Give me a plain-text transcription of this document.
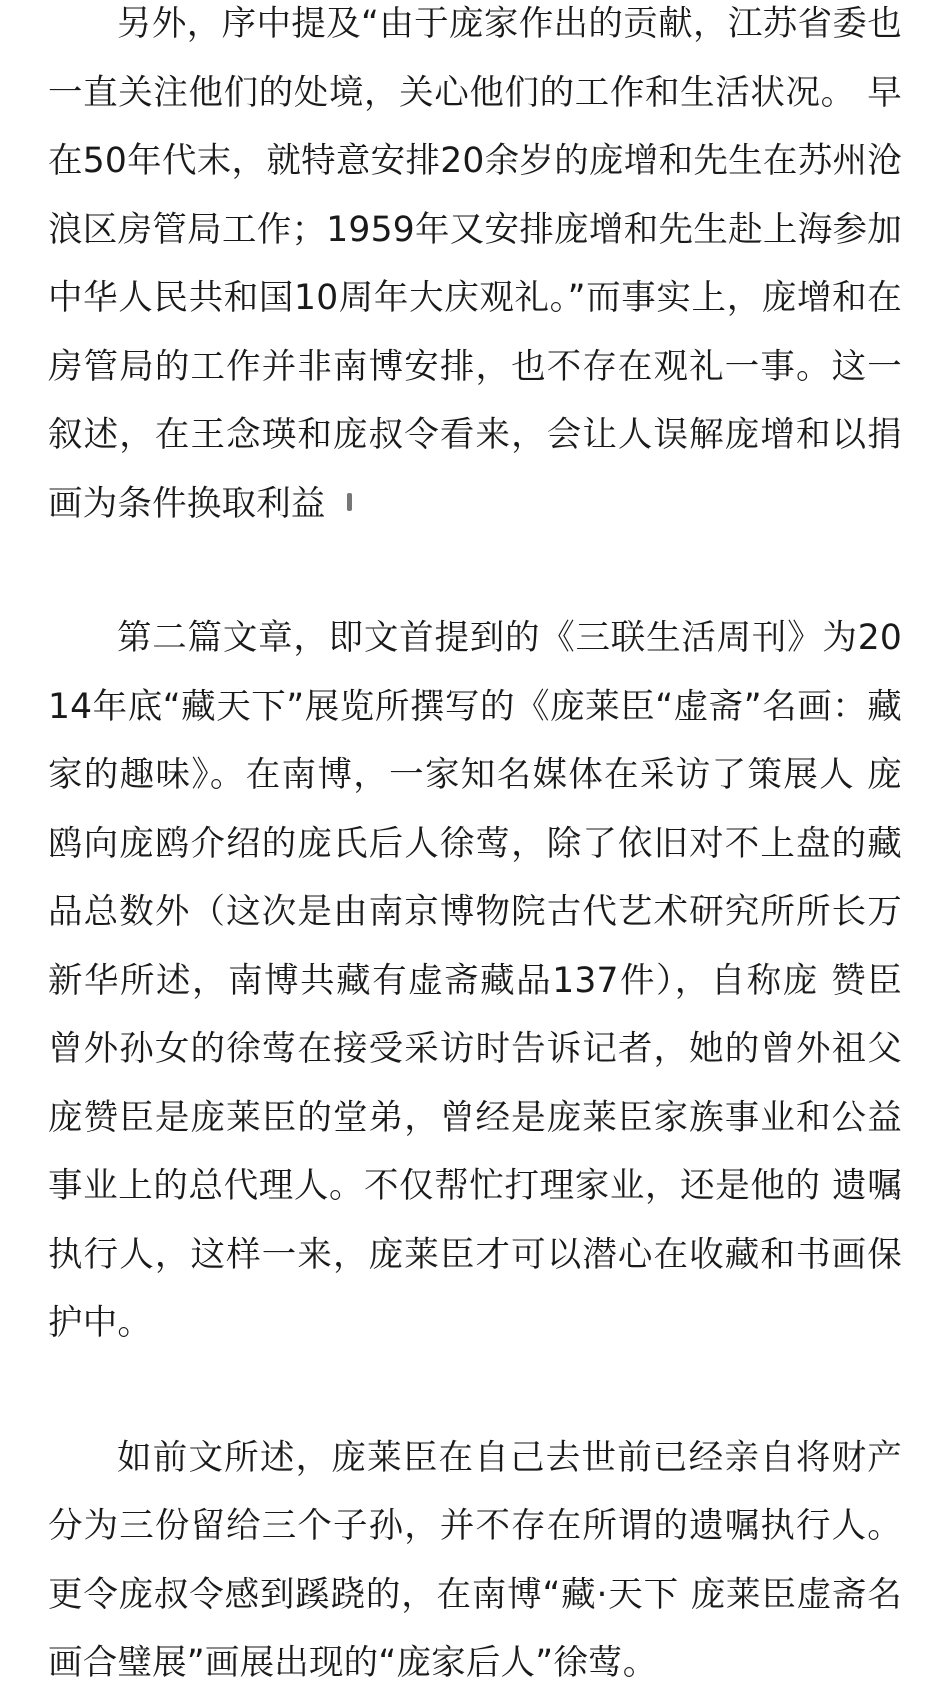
另外，序中提及“由于庞家作出的贡献，江苏省委也一直关注他们的处境，关心他们的工作和生活状况。 早在50年代末，就特意安排20余岁的庞增和先生在苏州沧浪区房管局工作；1959年又安排庞增和先生赴上海参加中华人民共和国10周年大庆观礼。”而事实上，庞增和在房管局的工作并非南博安排，也不存在观礼一事。这一叙述，在王念瑛和庞叔令看来，会让人误解庞增和以捐画为条件换取利益

第二篇文章，即文首提到的《三联生活周刊》为2014年底“藏天下”展览所撰写的《庞莱臣“虚斋”名画：藏家的趣味》。在南博，一家知名媒体在采访了策展人 庞鸥向庞鸥介绍的庞氏后人徐莺，除了依旧对不上盘的藏品总数外（这次是由南京博物院古代艺术研究所所长万新华所述，南博共藏有虚斋藏品137件），自称庞 赞臣曾外孙女的徐莺在接受采访时告诉记者，她的曾外祖父庞赞臣是庞莱臣的堂弟，曾经是庞莱臣家族事业和公益事业上的总代理人。不仅帮忙打理家业，还是他的 遗嘱执行人，这样一来，庞莱臣才可以潜心在收藏和书画保护中。

如前文所述，庞莱臣在自己去世前已经亲自将财产分为三份留给三个子孙，并不存在所谓的遗嘱执行人。更令庞叔令感到蹊跷的，在南博“藏·天下 庞莱臣虚斋名画合璧展”画展出现的“庞家后人”徐莺。
